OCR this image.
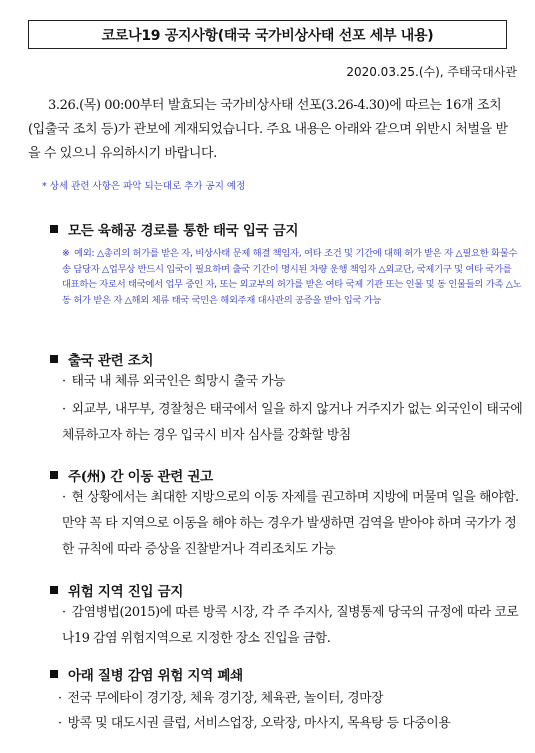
코로나19 공지사항(태국 국가비상사태 선포 세부 내용)
2020.03.25.(수), 주태국대사관
3.26.(목) 00:00부터 발효되는 국가비상사태 선포(3.26-4.30)에 따르는 16개 조치(입출국 조치 등)가 관보에 게재되었습니다. 주요 내용은 아래와 같으며 위반시 처벌을 받을 수 있으니 유의하시기 바랍니다.
* 상세 관련 사항은 파악 되는대로 추가 공지 예정
모든 육해공 경로를 통한 태국 입국 금지
※ 예외: △총리의 허가를 받은 자, 비상사태 문제 해결 책임자, 여타 조건 및 기간에 대해 허가 받은 자 △필요한 화물수송 담당자 △업무상 반드시 입국이 필요하며 출국 기간이 명시된 차량 운행 책임자 △외교단, 국제기구 및 여타 국가를 대표하는 자로서 태국에서 업무 중인 자, 또는 외교부의 허가를 받은 여타 국제 기관 또는 인물 및 동 인물들의 가족 △노동 허가 받은 자 △해외 체류 태국 국민은 해외주재 대사관의 공증을 받아 입국 가능
출국 관련 조치
· 태국 내 체류 외국인은 희망시 출국 가능
· 외교부, 내무부, 경찰청은 태국에서 일을 하지 않거나 거주지가 없는 외국인이 태국에 체류하고자 하는 경우 입국시 비자 심사를 강화할 방침
주(州) 간 이동 관련 권고
· 현 상황에서는 최대한 지방으로의 이동 자제를 권고하며 지방에 머물며 일을 해야함. 만약 꼭 타 지역으로 이동을 해야 하는 경우가 발생하면 검역을 받아야 하며 국가가 정한 규칙에 따라 증상을 진찰받거나 격리조치도 가능
위험 지역 진입 금지
· 감염병법(2015)에 따른 방콕 시장, 각 주 주지사, 질병통제 당국의 규정에 따라 코로나19 감염 위험지역으로 지정한 장소 진입을 금함.
아래 질병 감염 위험 지역 폐쇄
· 전국 무에타이 경기장, 체육 경기장, 체육관, 놀이터, 경마장
· 방콕 및 대도시권 클럽, 서비스업장, 오락장, 마사지, 목욕탕 등 다중이용
